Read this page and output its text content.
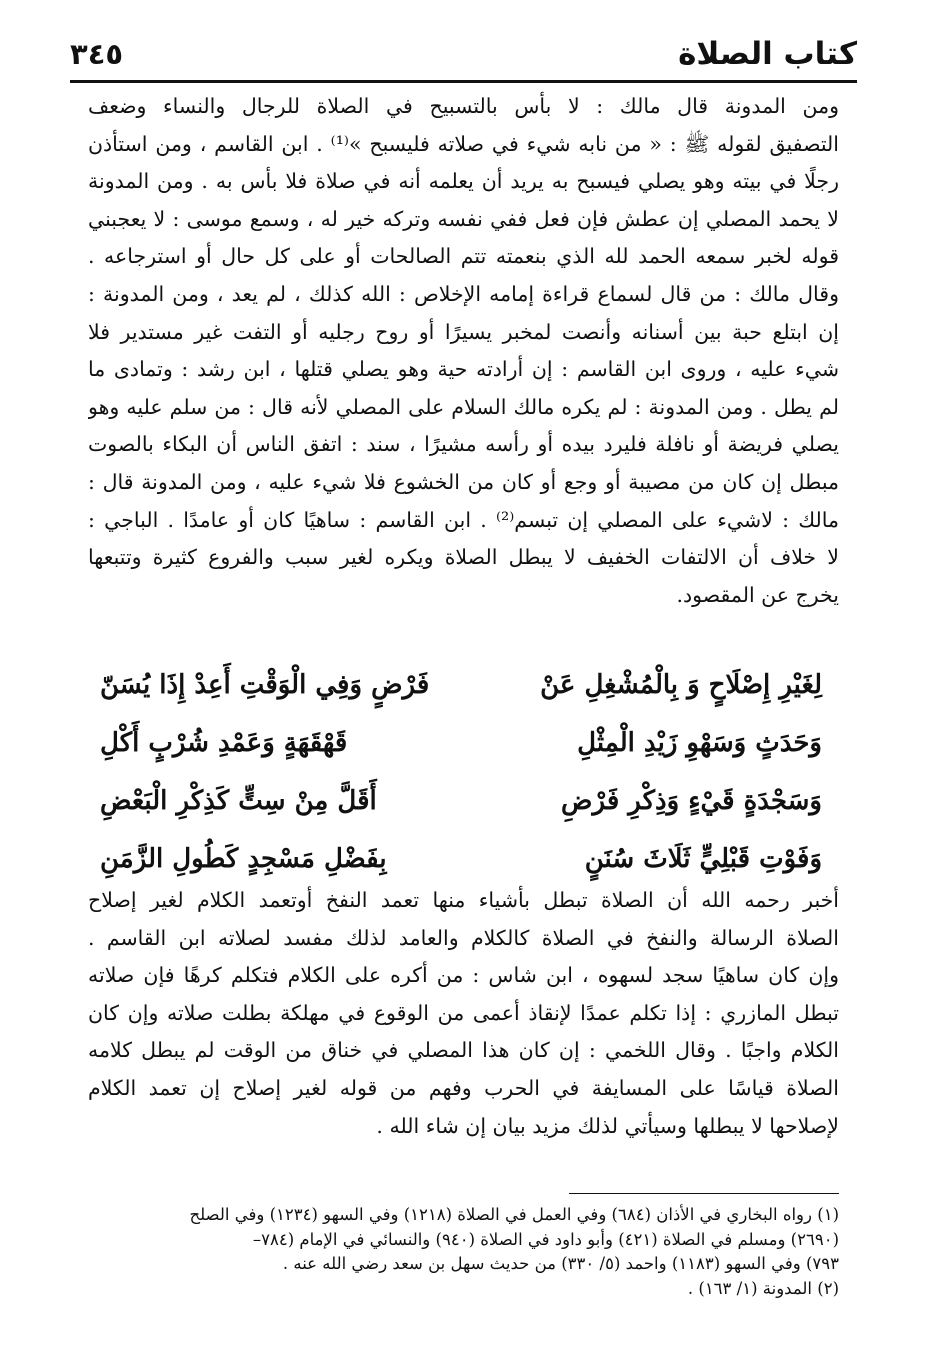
كتاب الصلاة
٣٤٥
ومن المدونة قال مالك : لا بأس بالتسبيح في الصلاة للرجال والنساء وضعف
التصفيق لقوله ﷺ : « من نابه شيء في صلاته فليسبح »⁽¹⁾ . ابن القاسم ، ومن استأذن
رجلًا في بيته وهو يصلي فيسبح به يريد أن يعلمه أنه في صلاة فلا بأس به . ومن المدونة
لا يحمد المصلي إن عطش فإن فعل ففي نفسه وتركه خير له ، وسمع موسى : لا يعجبني
قوله لخبر سمعه الحمد لله الذي بنعمته تتم الصالحات أو على كل حال أو استرجاعه .
وقال مالك : من قال لسماع قراءة إمامه الإخلاص : الله كذلك ، لم يعد ، ومن المدونة :
إن ابتلع حبة بين أسنانه وأنصت لمخبر يسيرًا أو روح رجليه أو التفت غير مستدير فلا
شيء عليه ، وروى ابن القاسم : إن أرادته حية وهو يصلي قتلها ، ابن رشد : وتمادى ما
لم يطل . ومن المدونة : لم يكره مالك السلام على المصلي لأنه قال : من سلم عليه وهو
يصلي فريضة أو نافلة فليرد بيده أو رأسه مشيرًا ، سند : اتفق الناس أن البكاء بالصوت
مبطل إن كان من مصيبة أو وجع أو كان من الخشوع فلا شيء عليه ، ومن المدونة قال :
مالك : لاشيء على المصلي إن تبسم⁽²⁾ . ابن القاسم : ساهيًا كان أو عامدًا . الباجي :
لا خلاف أن الالتفات الخفيف لا يبطل الصلاة ويكره لغير سبب والفروع كثيرة وتتبعها
يخرج عن المقصود.
لِغَيْرِ إِصْلَاحٍ وَ بِالْمُشْغِلِ عَنْ
فَرْضٍ وَفِي الْوَقْتِ أَعِدْ إِذَا يُسَنّ
وَحَدَثٍ وَسَهْوِ زَيْدِ الْمِثْلِ
قَهْقَهَةٍ وَعَمْدِ شُرْبٍ أَكْلِ
وَسَجْدَةٍ قَيْءٍ وَذِكْرِ فَرْضِ
أَقَلَّ مِنْ سِتٍّ كَذِكْرِ الْبَعْضِ
وَفَوْتِ قَبْلِيٍّ ثَلَاثَ سُنَنٍ
بِفَضْلِ مَسْجِدٍ كَطُولِ الزَّمَنِ
أخبر رحمه الله أن الصلاة تبطل بأشياء منها تعمد النفخ أوتعمد الكلام لغير إصلاح
الصلاة الرسالة والنفخ في الصلاة كالكلام والعامد لذلك مفسد لصلاته ابن القاسم .
وإن كان ساهيًا سجد لسهوه ، ابن شاس : من أكره على الكلام فتكلم كرهًا فإن صلاته
تبطل المازري : إذا تكلم عمدًا لإنقاذ أعمى من الوقوع في مهلكة بطلت صلاته وإن كان
الكلام واجبًا . وقال اللخمي : إن كان هذا المصلي في خناق من الوقت لم يبطل كلامه
الصلاة قياسًا على المسايفة في الحرب وفهم من قوله لغير إصلاح إن تعمد الكلام
لإصلاحها لا يبطلها وسيأتي لذلك مزيد بيان إن شاء الله .
(١) رواه البخاري في الأذان (٦٨٤) وفي العمل في الصلاة (١٢١٨) وفي السهو (١٢٣٤) وفي الصلح
(٢٦٩٠) ومسلم في الصلاة (٤٢١) وأبو داود في الصلاة (٩٤٠) والنسائي في الإمام (٧٨٤–
٧٩٣) وفي السهو (١١٨٣) واحمد (٥/ ٣٣٠) من حديث سهل بن سعد رضي الله عنه .
(٢) المدونة (١/ ١٦٣) .
